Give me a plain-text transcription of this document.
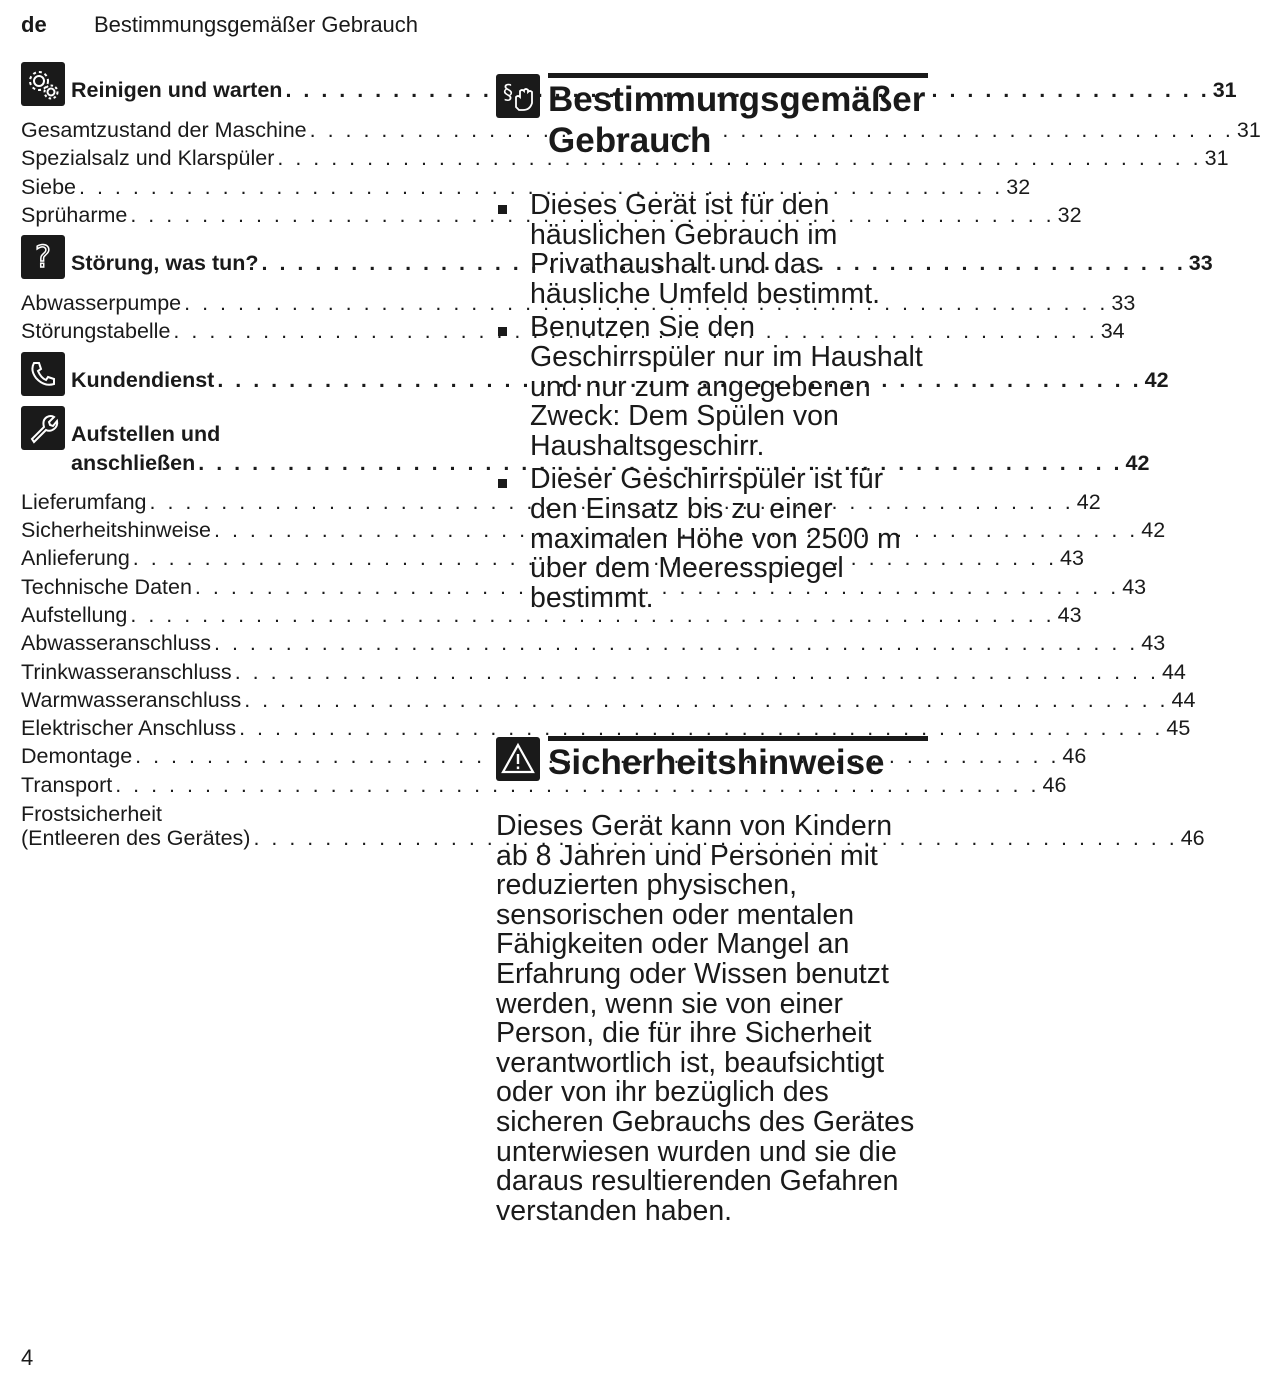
de Bestimmungsgemäßer Gebrauch
Reinigen und warten . . .	31
Gesamtzustand der Maschine . . .	31
Spezialsalz und Klarspüler . . .	31
Siebe . . .	32
Sprüharme . . .	32
? Störung, was tun? . . .	33
Abwasserpumpe . . .	33
Störungstabelle . . .	34
Kundendienst . . .	42
Aufstellen und
anschließen . . .	42
Lieferumfang . . .	42
Sicherheitshinweise . . .	42
Anlieferung . . .	43
Technische Daten . . .	43
Aufstellung . . .	43
Abwasseranschluss . . .	43
Trinkwasseranschluss . . .	44
Warmwasseranschluss . . .	44
Elektrischer Anschluss . . .	45
Demontage . . .	46
Transport . . .	46
Frostsicherheit
(Entleeren des Gerätes) . . .	46
§ Bestimmungsgemäßer
Gebrauch
Dieses Gerät ist für den häuslichen Gebrauch im Privathaushalt und das häusliche Umfeld bestimmt.
Benutzen Sie den Geschirrspüler nur im Haushalt und nur zum angegebenen Zweck: Dem Spülen von Haushaltsgeschirr.
Dieser Geschirrspüler ist für den Einsatz bis zu einer maximalen Höhe von 2500 m über dem Meeresspiegel bestimmt.
Sicherheitshinweise
Dieses Gerät kann von Kindern ab 8 Jahren und Personen mit reduzierten physischen, sensorischen oder mentalen Fähigkeiten oder Mangel an Erfahrung oder Wissen benutzt werden, wenn sie von einer Person, die für ihre Sicherheit verantwortlich ist, beaufsichtigt oder von ihr bezüglich des sicheren Gebrauchs des Gerätes unterwiesen wurden und sie die daraus resultierenden Gefahren verstanden haben.
4
